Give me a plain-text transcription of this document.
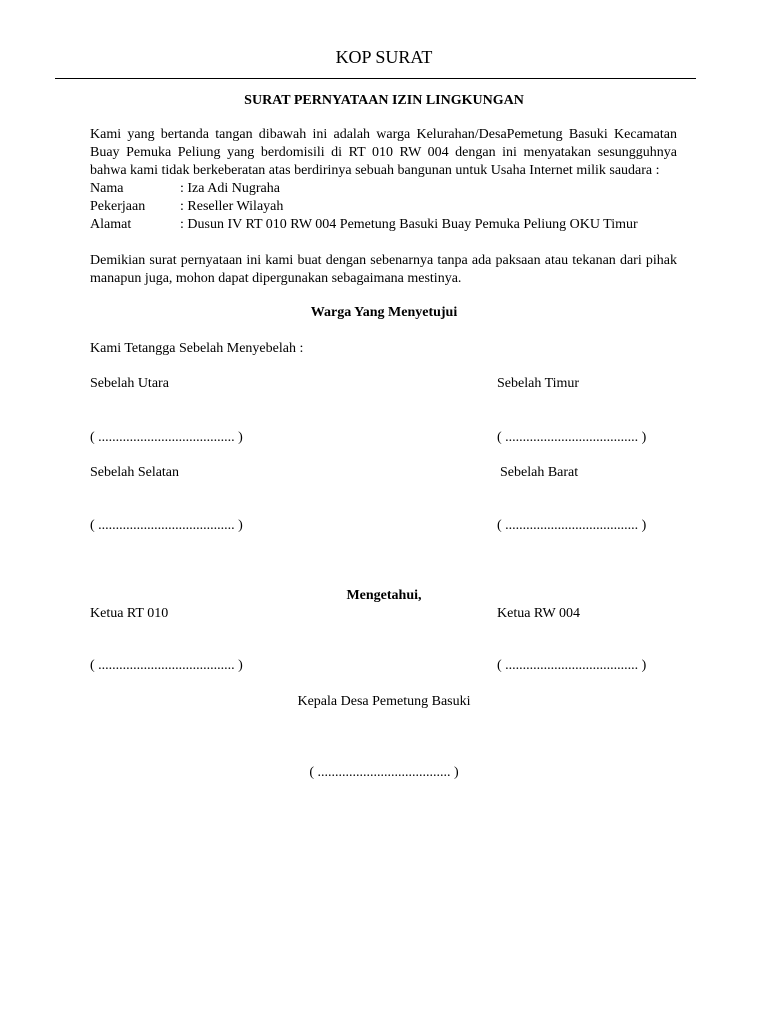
KOP SURAT
SURAT PERNYATAAN IZIN LINGKUNGAN
Kami yang bertanda tangan dibawah ini adalah warga Kelurahan/DesaPemetung Basuki Kecamatan Buay Pemuka Peliung yang berdomisili di RT 010 RW 004 dengan ini menyatakan sesungguhnya bahwa kami tidak berkeberatan atas berdirinya sebuah bangunan untuk Usaha Internet milik saudara :
Nama	: Iza Adi Nugraha
Pekerjaan	: Reseller Wilayah
Alamat	: Dusun IV RT 010 RW 004 Pemetung Basuki Buay Pemuka Peliung OKU Timur
Demikian surat pernyataan ini kami buat dengan sebenarnya tanpa ada paksaan atau tekanan dari pihak manapun juga, mohon dapat dipergunakan sebagaimana mestinya.
Warga Yang Menyetujui
Kami Tetangga Sebelah Menyebelah :
Sebelah Utara	Sebelah Timur
( ....................................... )	( ...................................... )
Sebelah Selatan	Sebelah Barat
( ....................................... )	( ...................................... )
Mengetahui,
Ketua RT 010	Ketua RW 004
( ....................................... )	( ...................................... )
Kepala Desa Pemetung Basuki
( ...................................... )
